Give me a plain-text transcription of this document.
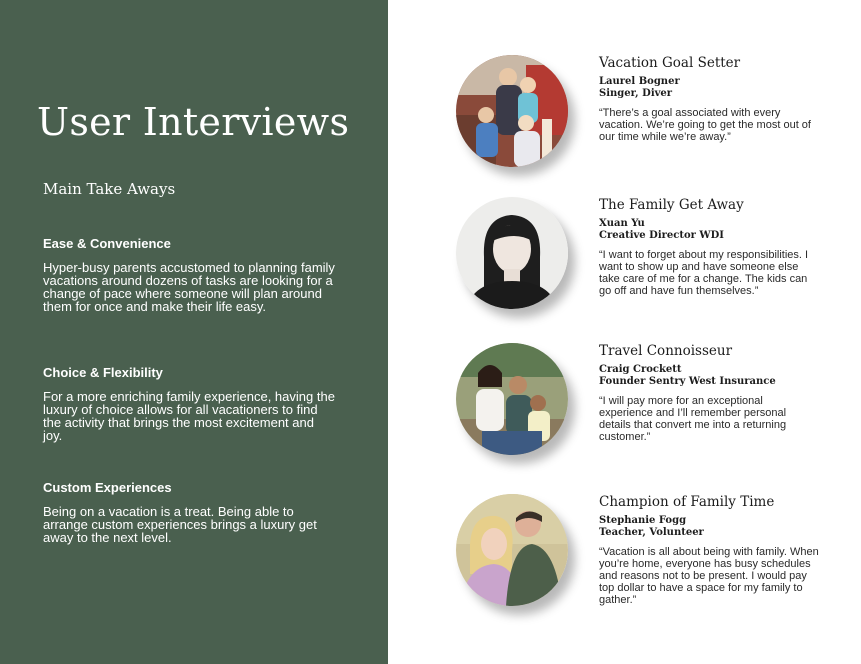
User Interviews
Main Take Aways
Ease & Convenience

Hyper-busy parents accustomed to planning family vacations around dozens of tasks are looking for a change of pace where someone will plan around them for once and make their life easy.

Choice & Flexibility

For a more enriching family experience, having the luxury of choice allows for all vacationers to find the activity that brings the most excitement and joy.

Custom Experiences

Being on a vacation is a treat. Being able to arrange custom experiences brings a luxury get away to the next level.

Vacation Goal Setter

Laurel Bogner
Singer, Diver

“There’s a goal associated with every vacation. We’re going to get the most out of our time while we’re away.”

The Family Get Away

Xuan Yu
Creative Director WDI

“I want to forget about my responsibilities. I want to show up and have someone else take care of me for a change. The kids can go off and have fun themselves.”

Travel Connoisseur

Craig Crockett
Founder Sentry West Insurance

“I will pay more for an exceptional experience and I’ll remember personal details that convert me into a returning customer.”

Champion of Family Time

Stephanie Fogg
Teacher, Volunteer

“Vacation is all about being with family. When you’re home, everyone has busy schedules and reasons not to be present. I would pay top dollar to have a space for my family to gather.”
